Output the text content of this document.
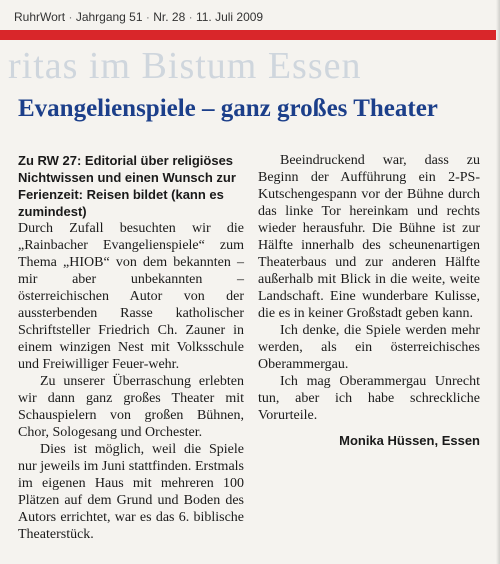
RuhrWort · Jahrgang 51 · Nr. 28 · 11. Juli 2009
ritas im Bistum Essen
Evangelienspiele – ganz großes Theater

Zu RW 27: Editorial über religiöses Nichtwissen und einen Wunsch zur Ferienzeit: Reisen bildet (kann es zumindest)

Durch Zufall besuchten wir die „Rainbacher Evangelienspiele“ zum Thema „HIOB“ von dem bekannten – mir aber unbekannten – österreichischen Autor von der aussterbenden Rasse katholischer Schriftsteller Friedrich Ch. Zauner in einem winzigen Nest mit Volksschule und Freiwilliger Feuer-wehr.

Zu unserer Überraschung erlebten wir dann ganz großes Theater mit Schauspielern von großen Bühnen, Chor, Sologesang und Orchester.

Dies ist möglich, weil die Spiele nur jeweils im Juni stattfinden. Erstmals im eigenen Haus mit mehreren 100 Plätzen auf dem Grund und Boden des Autors errichtet, war es das 6. biblische Theaterstück.

Beeindruckend war, dass zu Beginn der Aufführung ein 2-PS-Kutschengespann vor der Bühne durch das linke Tor hereinkam und rechts wieder herausfuhr. Die Bühne ist zur Hälfte innerhalb des scheunenartigen Theaterbaus und zur anderen Hälfte außerhalb mit Blick in die weite, weite Landschaft. Eine wunderbare Kulisse, die es in keiner Großstadt geben kann.

Ich denke, die Spiele werden mehr werden, als ein österreichisches Oberammergau.

Ich mag Oberammergau Unrecht tun, aber ich habe schreckliche Vorurteile.

Monika Hüssen, Essen
